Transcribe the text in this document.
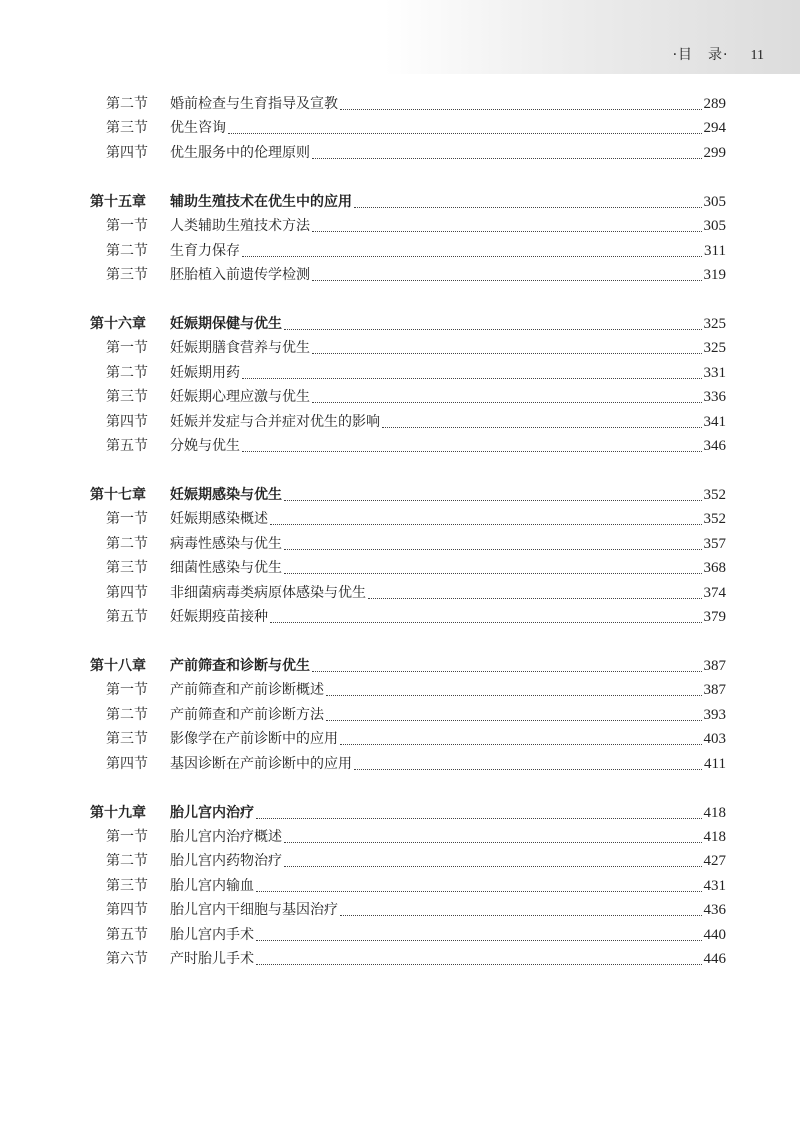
·目　录· 11
第二节	婚前检查与生育指导及宣教	289
第三节	优生咨询	294
第四节	优生服务中的伦理原则	299
第十五章	辅助生殖技术在优生中的应用	305
第一节	人类辅助生殖技术方法	305
第二节	生育力保存	311
第三节	胚胎植入前遗传学检测	319
第十六章	妊娠期保健与优生	325
第一节	妊娠期膳食营养与优生	325
第二节	妊娠期用药	331
第三节	妊娠期心理应激与优生	336
第四节	妊娠并发症与合并症对优生的影响	341
第五节	分娩与优生	346
第十七章	妊娠期感染与优生	352
第一节	妊娠期感染概述	352
第二节	病毒性感染与优生	357
第三节	细菌性感染与优生	368
第四节	非细菌病毒类病原体感染与优生	374
第五节	妊娠期疫苗接种	379
第十八章	产前筛查和诊断与优生	387
第一节	产前筛查和产前诊断概述	387
第二节	产前筛查和产前诊断方法	393
第三节	影像学在产前诊断中的应用	403
第四节	基因诊断在产前诊断中的应用	411
第十九章	胎儿宫内治疗	418
第一节	胎儿宫内治疗概述	418
第二节	胎儿宫内药物治疗	427
第三节	胎儿宫内输血	431
第四节	胎儿宫内干细胞与基因治疗	436
第五节	胎儿宫内手术	440
第六节	产时胎儿手术	446
